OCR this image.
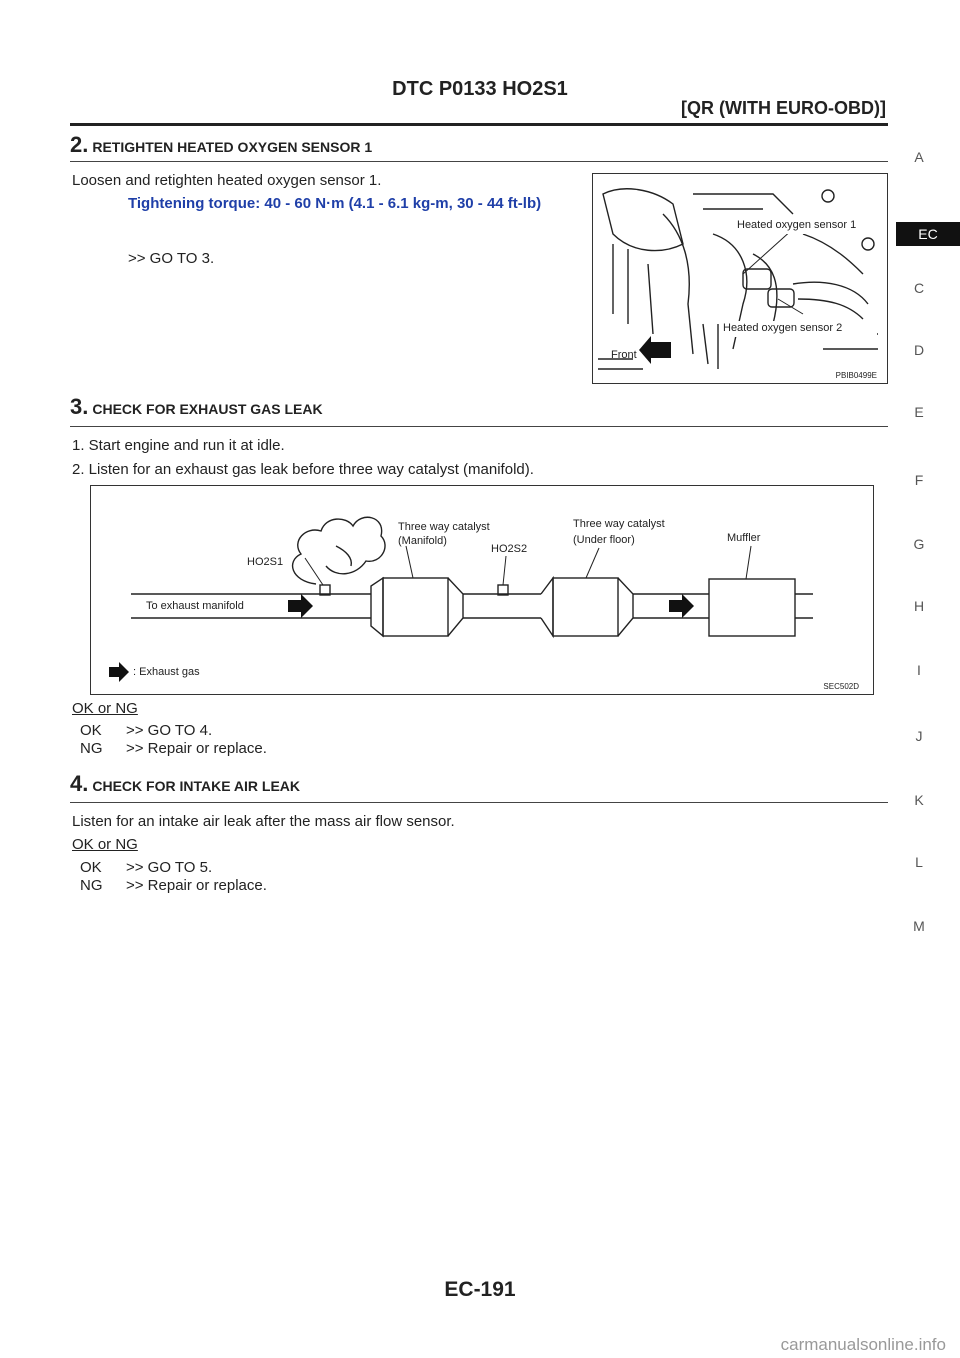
DTC P0133 HO2S1
[QR (WITH EURO-OBD)]
A
EC
C
D
E
F
G
H
I
J
K
L
M
2. RETIGHTEN HEATED OXYGEN SENSOR 1
Loosen and retighten heated oxygen sensor 1.
Tightening torque: 40 - 60 N·m (4.1 - 6.1 kg-m, 30 - 44 ft-lb)
>> GO TO 3.
Heated oxygen sensor 1
Heated oxygen sensor 2
Front
PBIB0499E
3. CHECK FOR EXHAUST GAS LEAK
1. Start engine and run it at idle.
2. Listen for an exhaust gas leak before three way catalyst (manifold).
Three way catalyst
(Manifold)
Three way catalyst
(Under floor)	Muffler
HO2S1
HO2S2
To exhaust manifold
: Exhaust gas
SEC502D
OK or NG
OK >> GO TO 4.
NG >> Repair or replace.
4. CHECK FOR INTAKE AIR LEAK
Listen for an intake air leak after the mass air flow sensor.
OK or NG
OK >> GO TO 5.
NG >> Repair or replace.
EC-191
carmanualsonline.info
